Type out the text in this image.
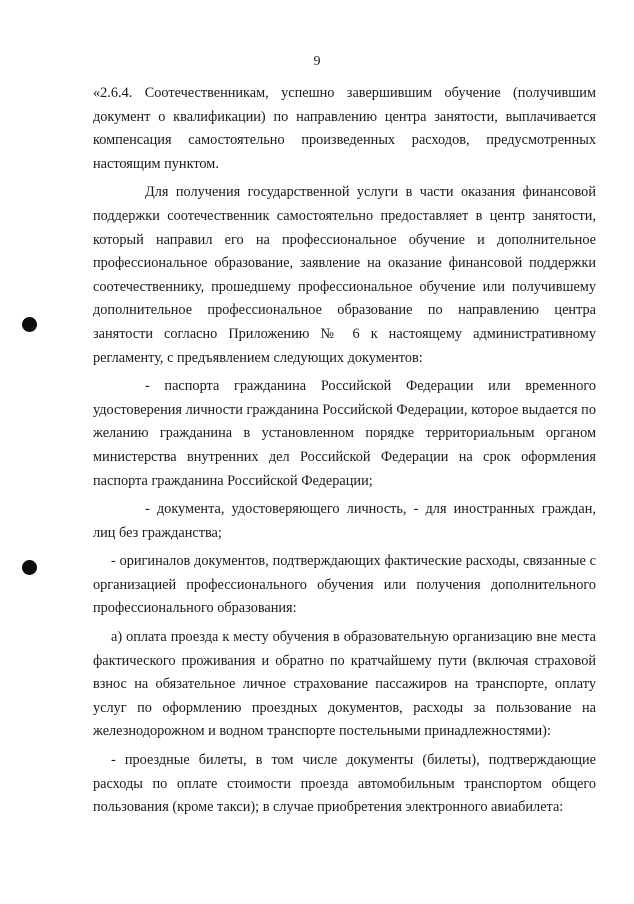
9

«2.6.4. Соотечественникам, успешно завершившим обучение (получившим документ о квалификации) по направлению центра занятости, выплачивается компенсация самостоятельно произведенных расходов, предусмотренных настоящим пунктом.

Для получения государственной услуги в части оказания финансовой поддержки соотечественник самостоятельно предоставляет в центр занятости, который направил его на профессиональное обучение и дополнительное профессиональное образование, заявление на оказание финансовой поддержки соотечественнику, прошедшему профессиональное обучение или получившему дополнительное профессиональное образование по направлению центра занятости согласно Приложению № 6 к настоящему административному регламенту, с предъявлением следующих документов:

- паспорта гражданина Российской Федерации или временного удостоверения личности гражданина Российской Федерации, которое выдается по желанию гражданина в установленном порядке территориальным органом министерства внутренних дел Российской Федерации на срок оформления паспорта гражданина Российской Федерации;

- документа, удостоверяющего личность, - для иностранных граждан, лиц без гражданства;

- оригиналов документов, подтверждающих фактические расходы, связанные с организацией профессионального обучения или получения дополнительного профессионального образования:

а) оплата проезда к месту обучения в образовательную организацию вне места фактического проживания и обратно по кратчайшему пути (включая страховой взнос на обязательное личное страхование пассажиров на транспорте, оплату услуг по оформлению проездных документов, расходы за пользование на железнодорожном и водном транспорте постельными принадлежностями):

- проездные билеты, в том числе документы (билеты), подтверждающие расходы по оплате стоимости проезда автомобильным транспортом общего пользования (кроме такси); в случае приобретения электронного авиабилета:
